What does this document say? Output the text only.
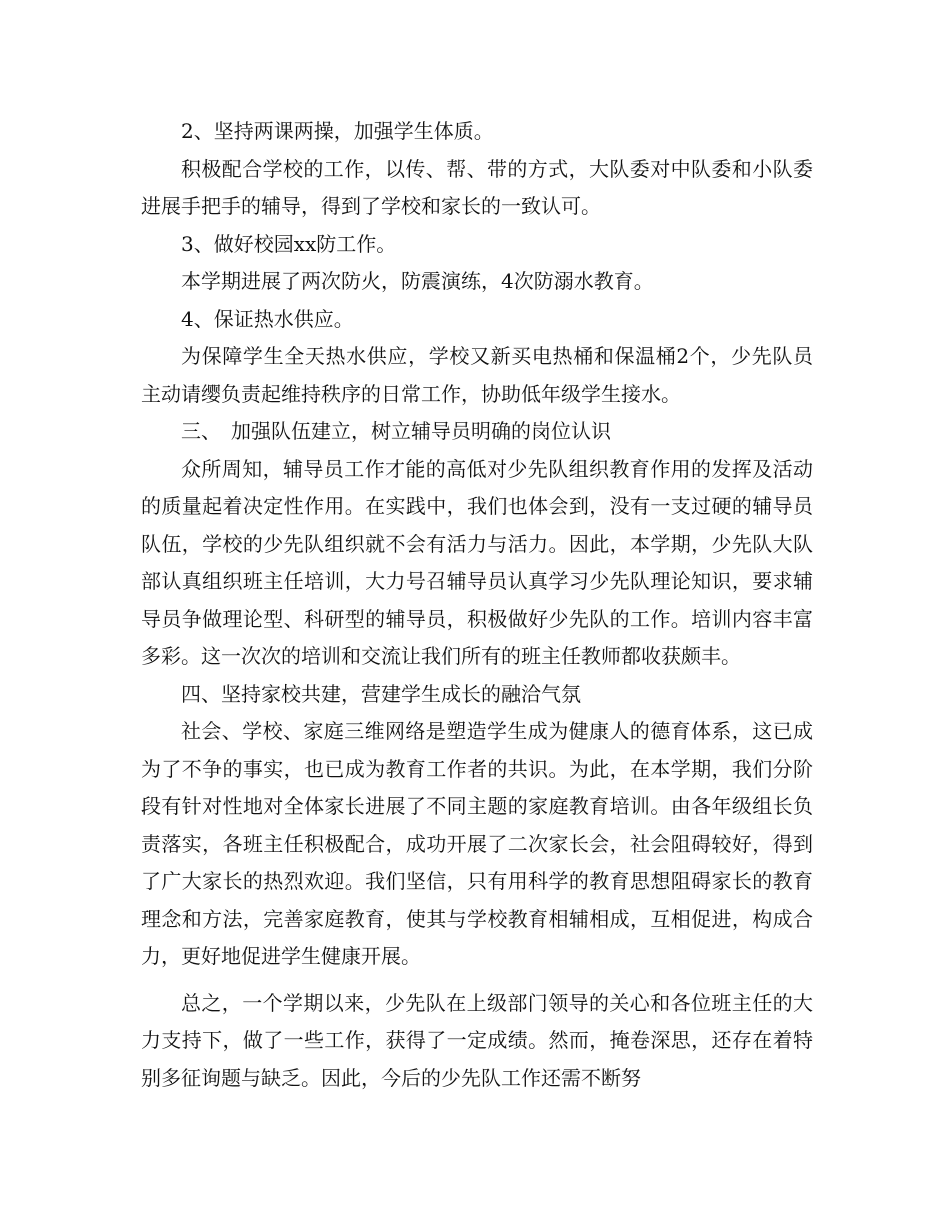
2、坚持两课两操，加强学生体质。

积极配合学校的工作，以传、帮、带的方式，大队委对中队委和小队委进展手把手的辅导，得到了学校和家长的一致认可。

3、做好校园xx防工作。

本学期进展了两次防火，防震演练，4次防溺水教育。

4、保证热水供应。

为保障学生全天热水供应，学校又新买电热桶和保温桶2个，少先队员主动请缨负责起维持秩序的日常工作，协助低年级学生接水。

三、　加强队伍建立，树立辅导员明确的岗位认识

众所周知，辅导员工作才能的高低对少先队组织教育作用的发挥及活动的质量起着决定性作用。在实践中，我们也体会到，没有一支过硬的辅导员队伍，学校的少先队组织就不会有活力与活力。因此，本学期，少先队大队部认真组织班主任培训，大力号召辅导员认真学习少先队理论知识，要求辅导员争做理论型、科研型的辅导员，积极做好少先队的工作。培训内容丰富多彩。这一次次的培训和交流让我们所有的班主任教师都收获颇丰。

四、坚持家校共建，营建学生成长的融洽气氛

社会、学校、家庭三维网络是塑造学生成为健康人的德育体系，这已成为了不争的事实，也已成为教育工作者的共识。为此，在本学期，我们分阶段有针对性地对全体家长进展了不同主题的家庭教育培训。由各年级组长负责落实，各班主任积极配合，成功开展了二次家长会，社会阻碍较好，得到了广大家长的热烈欢迎。我们坚信，只有用科学的教育思想阻碍家长的教育理念和方法，完善家庭教育，使其与学校教育相辅相成，互相促进，构成合力，更好地促进学生健康开展。

总之，一个学期以来，少先队在上级部门领导的关心和各位班主任的大力支持下，做了一些工作，获得了一定成绩。然而，掩卷深思，还存在着特别多征询题与缺乏。因此，今后的少先队工作还需不断努
